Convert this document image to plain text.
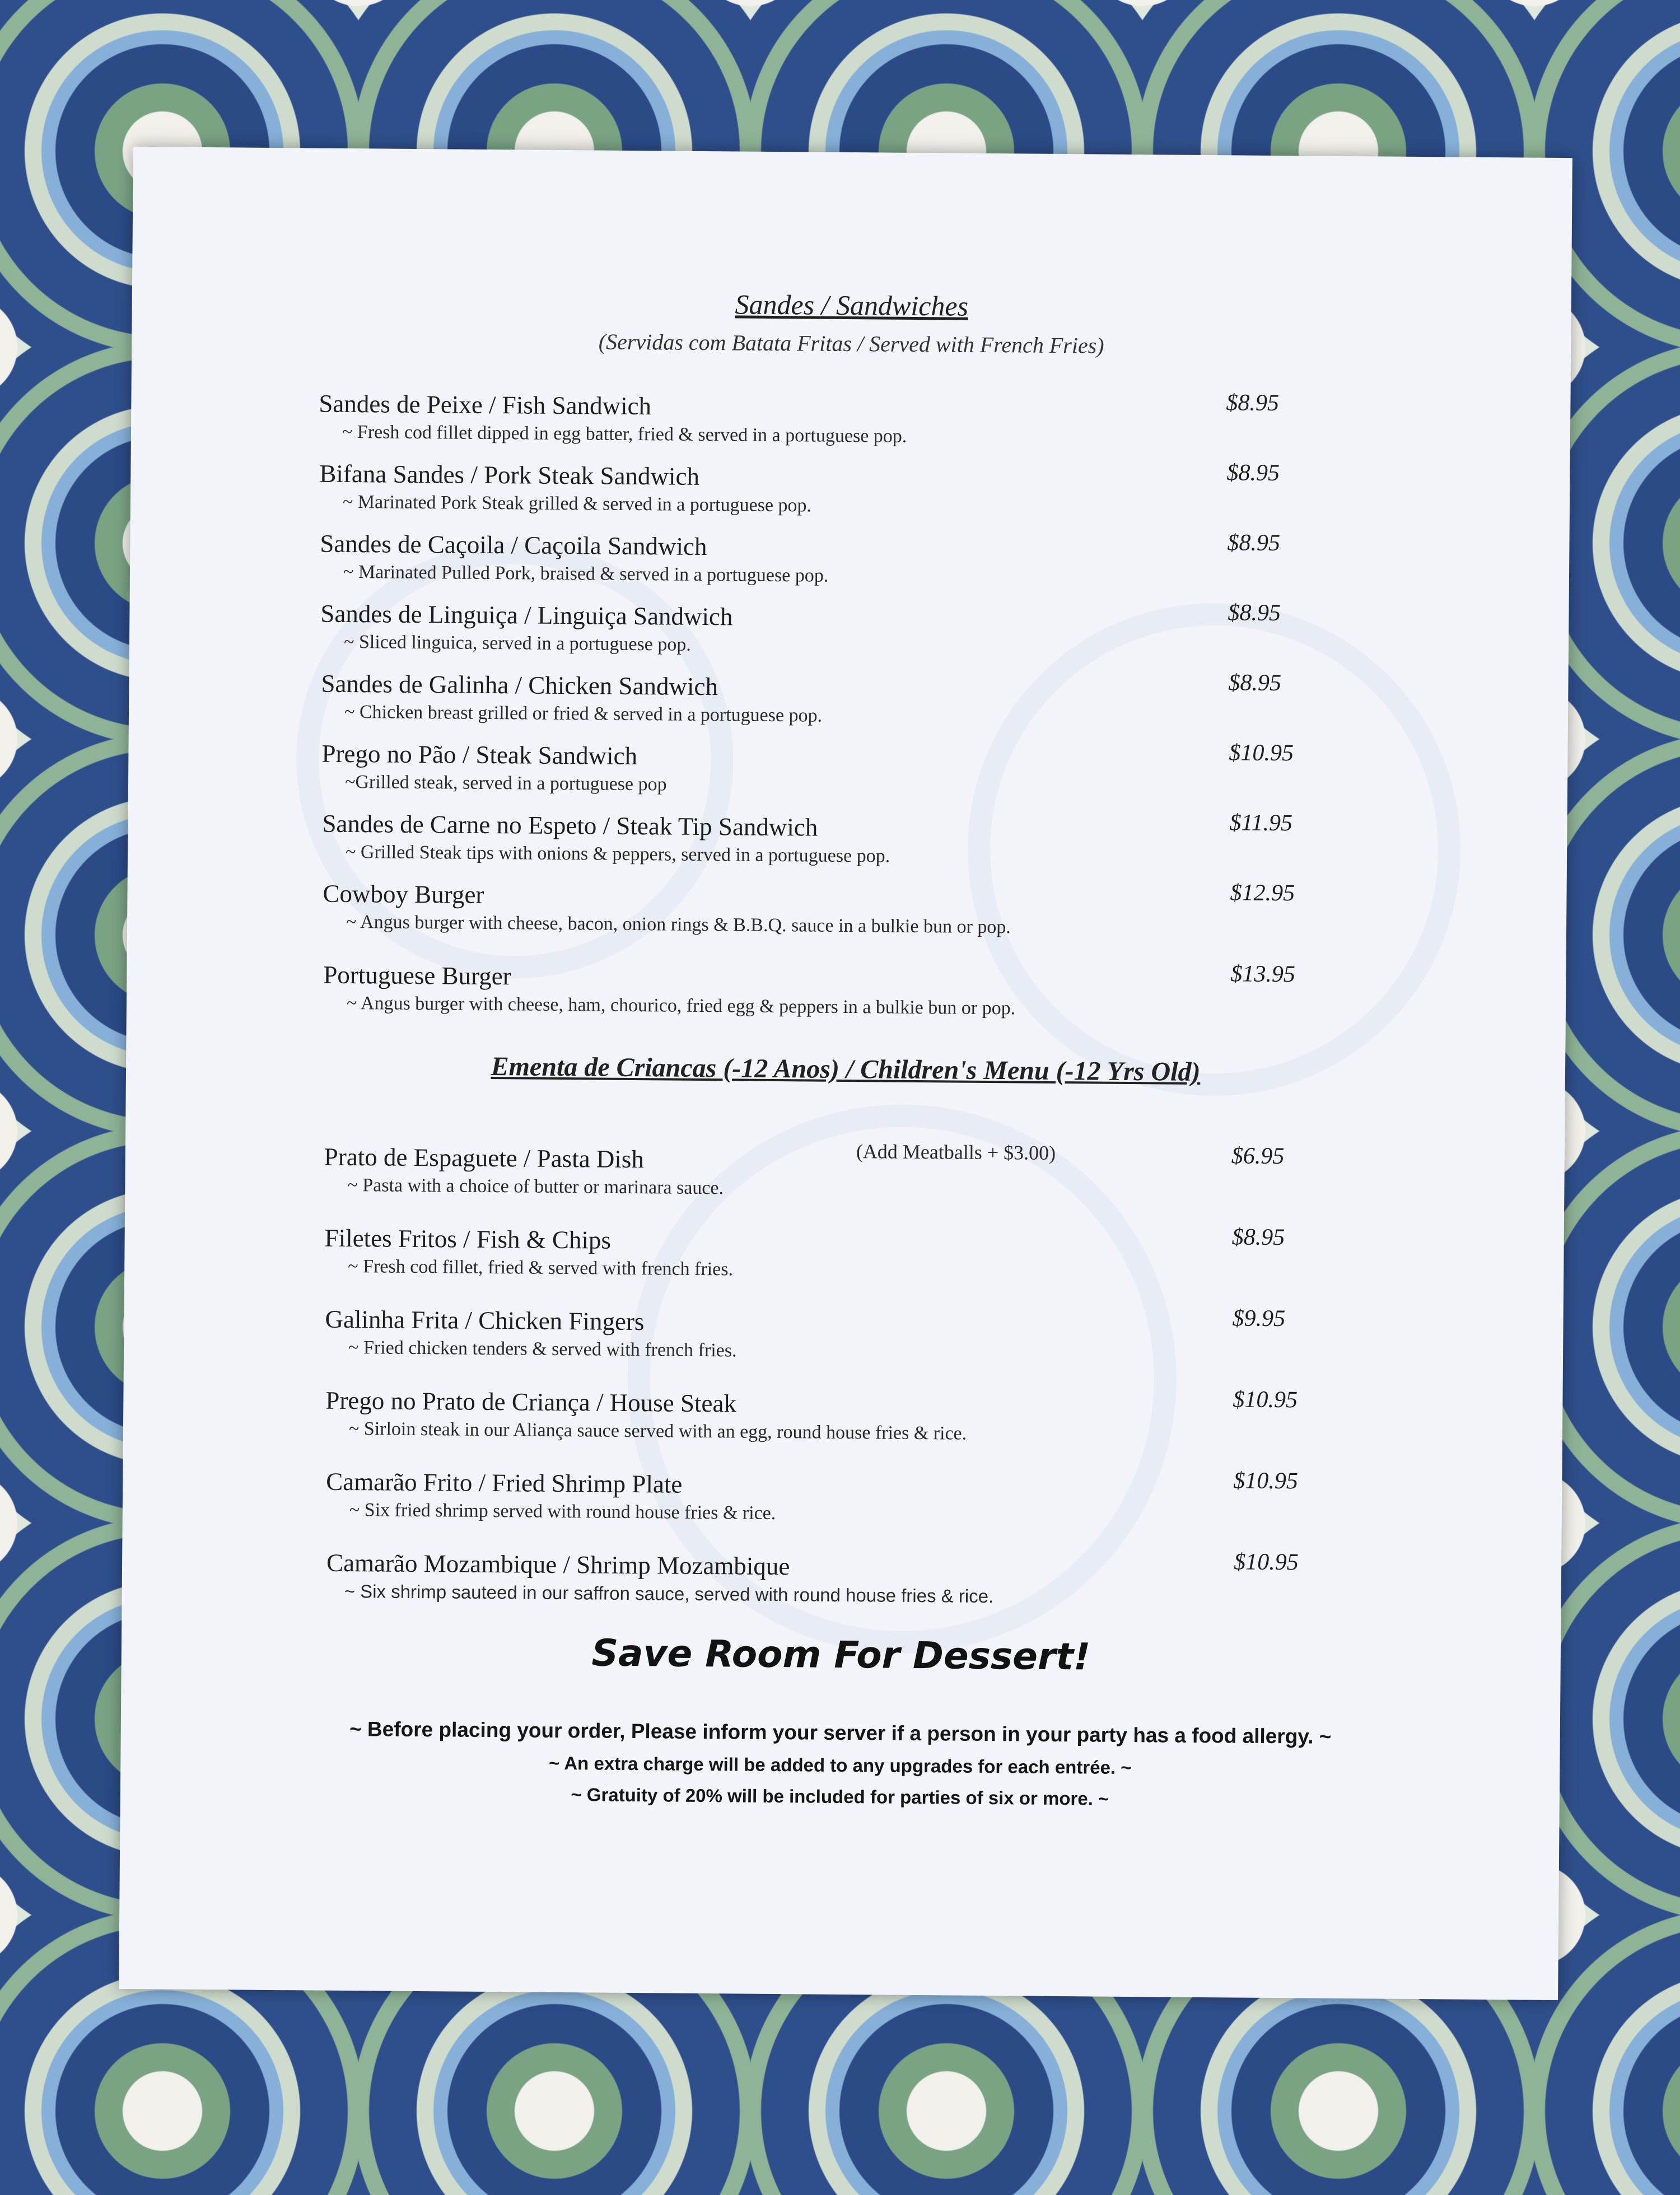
Sandes / Sandwiches
(Servidas com Batata Fritas / Served with French Fries)
Sandes de Peixe / Fish Sandwich	$8.95
~ Fresh cod fillet dipped in egg batter, fried & served in a portuguese pop.
Bifana Sandes / Pork Steak Sandwich	$8.95
~ Marinated Pork Steak grilled & served in a portuguese pop.
Sandes de Caçoila / Caçoila Sandwich	$8.95
~ Marinated Pulled Pork, braised & served in a portuguese pop.
Sandes de Linguiça / Linguiça Sandwich	$8.95
~ Sliced linguica, served in a portuguese pop.
Sandes de Galinha / Chicken Sandwich	$8.95
~ Chicken breast grilled or fried & served in a portuguese pop.
Prego no Pão / Steak Sandwich	$10.95
~Grilled steak, served in a portuguese pop
Sandes de Carne no Espeto / Steak Tip Sandwich	$11.95
~ Grilled Steak tips with onions & peppers, served in a portuguese pop.
Cowboy Burger	$12.95
~ Angus burger with cheese, bacon, onion rings & B.B.Q. sauce in a bulkie bun or pop.
Portuguese Burger	$13.95
~ Angus burger with cheese, ham, chourico, fried egg & peppers in a bulkie bun or pop.
Ementa de Criancas (-12 Anos) / Children's Menu (-12 Yrs Old)
Prato de Espaguete / Pasta Dish	(Add Meatballs + $3.00)	$6.95
~ Pasta with a choice of butter or marinara sauce.
Filetes Fritos / Fish & Chips	$8.95
~ Fresh cod fillet, fried & served with french fries.
Galinha Frita / Chicken Fingers	$9.95
~ Fried chicken tenders & served with french fries.
Prego no Prato de Criança / House Steak	$10.95
~ Sirloin steak in our Aliança sauce served with an egg, round house fries & rice.
Camarão Frito / Fried Shrimp Plate	$10.95
~ Six fried shrimp served with round house fries & rice.
Camarão Mozambique / Shrimp Mozambique	$10.95
~ Six shrimp sauteed in our saffron sauce, served with round house fries & rice.
Save Room For Dessert!
~ Before placing your order, Please inform your server if a person in your party has a food allergy. ~
~ An extra charge will be added to any upgrades for each entrée. ~
~ Gratuity of 20% will be included for parties of six or more. ~
